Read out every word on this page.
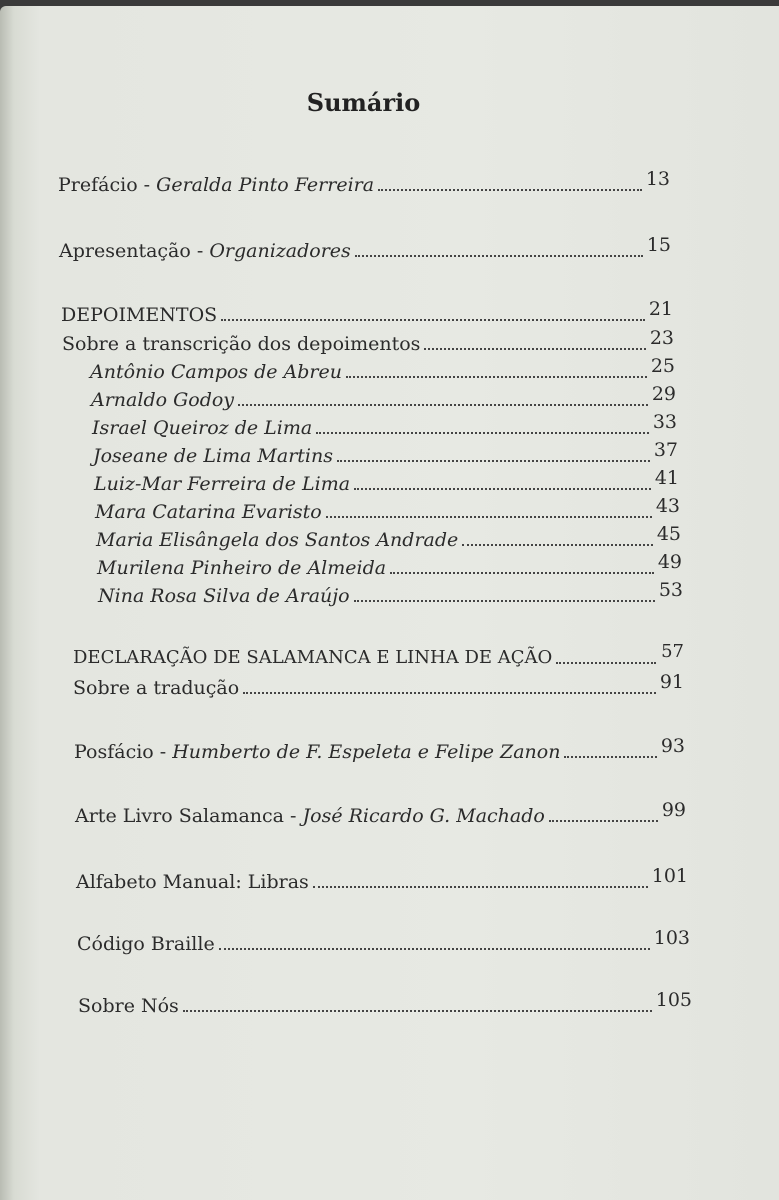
Sumário
Prefácio - Geralda Pinto Ferreira	13
Apresentação - Organizadores	15
DEPOIMENTOS	21
Sobre a transcrição dos depoimentos	23
Antônio Campos de Abreu	25
Arnaldo Godoy	29
Israel Queiroz de Lima	33
Joseane de Lima Martins	37
Luiz-Mar Ferreira de Lima	41
Mara Catarina Evaristo	43
Maria Elisângela dos Santos Andrade	45
Murilena Pinheiro de Almeida	49
Nina Rosa Silva de Araújo	53
DECLARAÇÃO DE SALAMANCA E LINHA DE AÇÃO	57
Sobre a tradução	91
Posfácio - Humberto de F. Espeleta e Felipe Zanon	93
Arte Livro Salamanca - José Ricardo G. Machado	99
Alfabeto Manual: Libras	101
Código Braille	103
Sobre Nós	105
